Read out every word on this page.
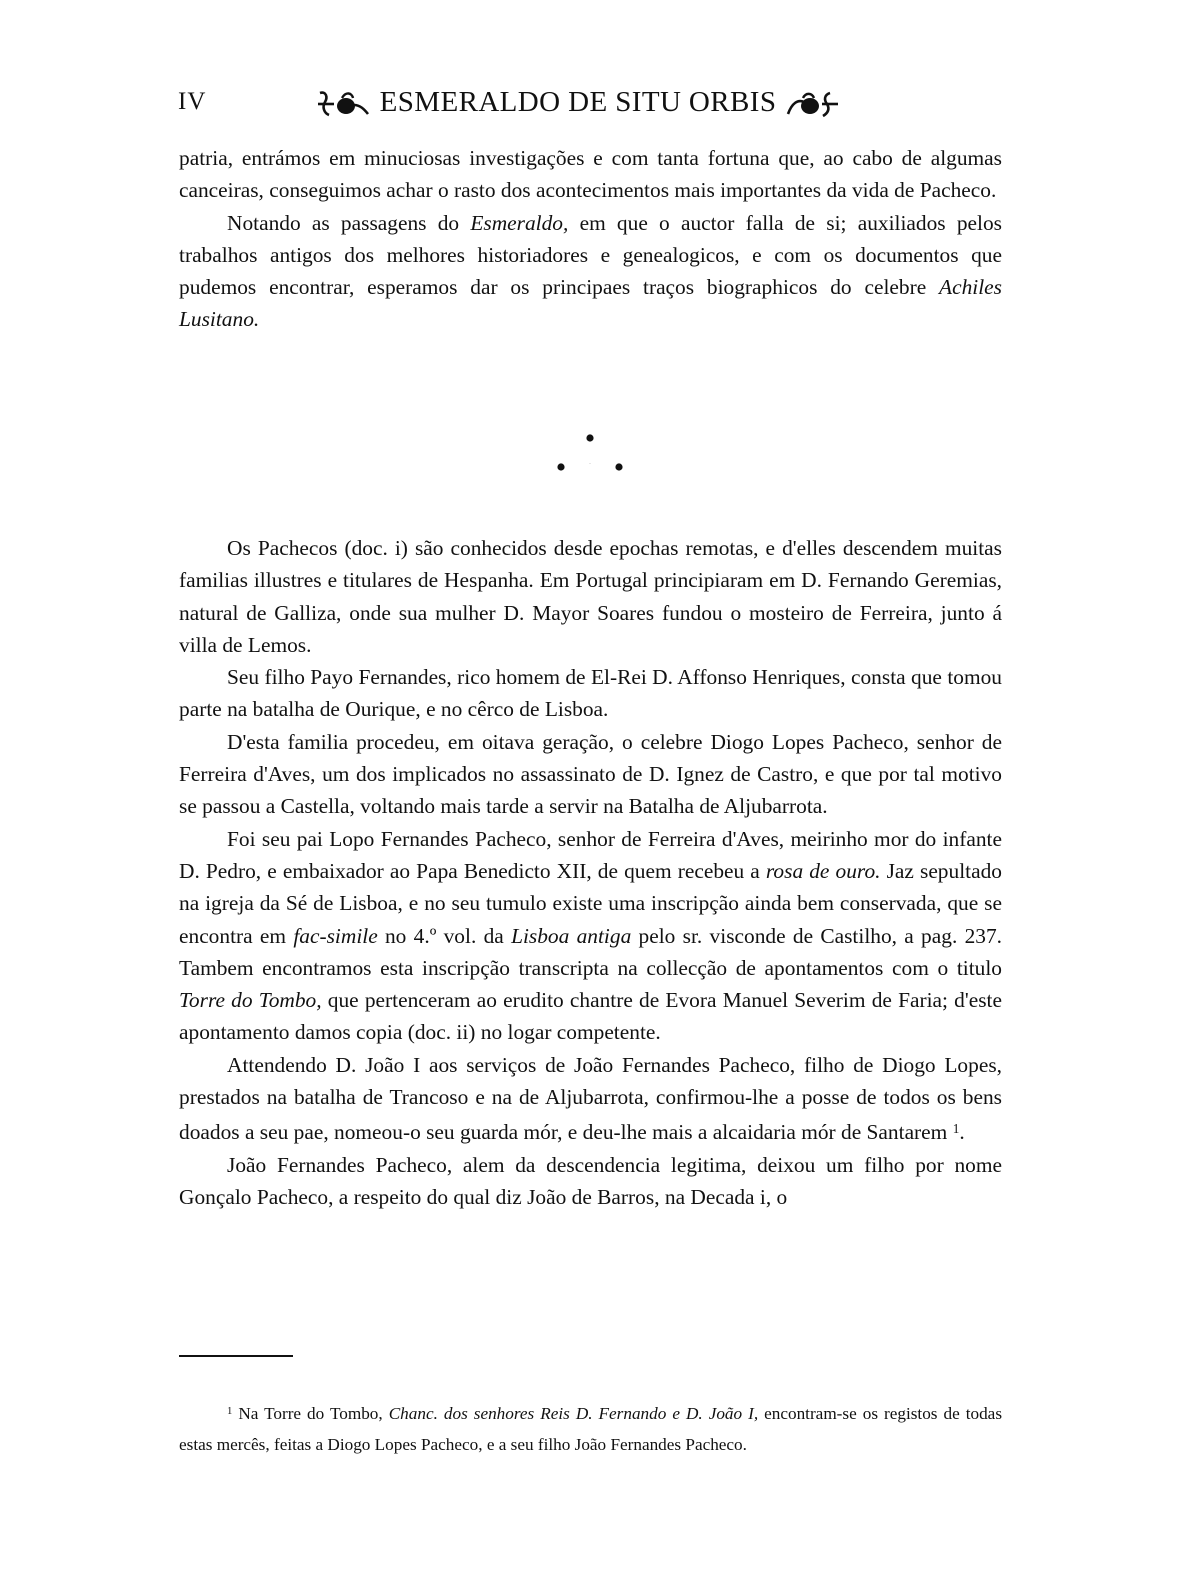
IV	ESMERALDO DE SITU ORBIS

patria, entrámos em minuciosas investigações e com tanta fortuna que, ao cabo de algumas canceiras, conseguimos achar o rasto dos acontecimentos mais importantes da vida de Pacheco.

Notando as passagens do Esmeraldo, em que o auctor falla de si; auxiliados pelos trabalhos antigos dos melhores historiadores e genealogicos, e com os documentos que pudemos encontrar, esperamos dar os principaes traços biographicos do celebre Achiles Lusitano.

* * *

Os Pachecos (doc. i) são conhecidos desde epochas remotas, e d'elles descendem muitas familias illustres e titulares de Hespanha. Em Portugal principiaram em D. Fernando Geremias, natural de Galliza, onde sua mulher D. Mayor Soares fundou o mosteiro de Ferreira, junto á villa de Lemos.

Seu filho Payo Fernandes, rico homem de El-Rei D. Affonso Henriques, consta que tomou parte na batalha de Ourique, e no cêrco de Lisboa.

D'esta familia procedeu, em oitava geração, o celebre Diogo Lopes Pacheco, senhor de Ferreira d'Aves, um dos implicados no assassinato de D. Ignez de Castro, e que por tal motivo se passou a Castella, voltando mais tarde a servir na Batalha de Aljubarrota.

Foi seu pai Lopo Fernandes Pacheco, senhor de Ferreira d'Aves, meirinho mor do infante D. Pedro, e embaixador ao Papa Benedicto XII, de quem recebeu a rosa de ouro. Jaz sepultado na igreja da Sé de Lisboa, e no seu tumulo existe uma inscripção ainda bem conservada, que se encontra em fac-simile no 4.º vol. da Lisboa antiga pelo sr. visconde de Castilho, a pag. 237. Tambem encontramos esta inscripção transcripta na collecção de apontamentos com o titulo Torre do Tombo, que pertenceram ao erudito chantre de Evora Manuel Severim de Faria; d'este apontamento damos copia (doc. ii) no logar competente.

Attendendo D. João I aos serviços de João Fernandes Pacheco, filho de Diogo Lopes, prestados na batalha de Trancoso e na de Aljubarrota, confirmou-lhe a posse de todos os bens doados a seu pae, nomeou-o seu guarda mór, e deu-lhe mais a alcaidaria mór de Santarem $^1$.

João Fernandes Pacheco, alem da descendencia legitima, deixou um filho por nome Gonçalo Pacheco, a respeito do qual diz João de Barros, na Decada i, o

$^1$ Na Torre do Tombo, Chanc. dos senhores Reis D. Fernando e D. João I, encontram-se os registos de todas estas mercês, feitas a Diogo Lopes Pacheco, e a seu filho João Fernandes Pacheco.
